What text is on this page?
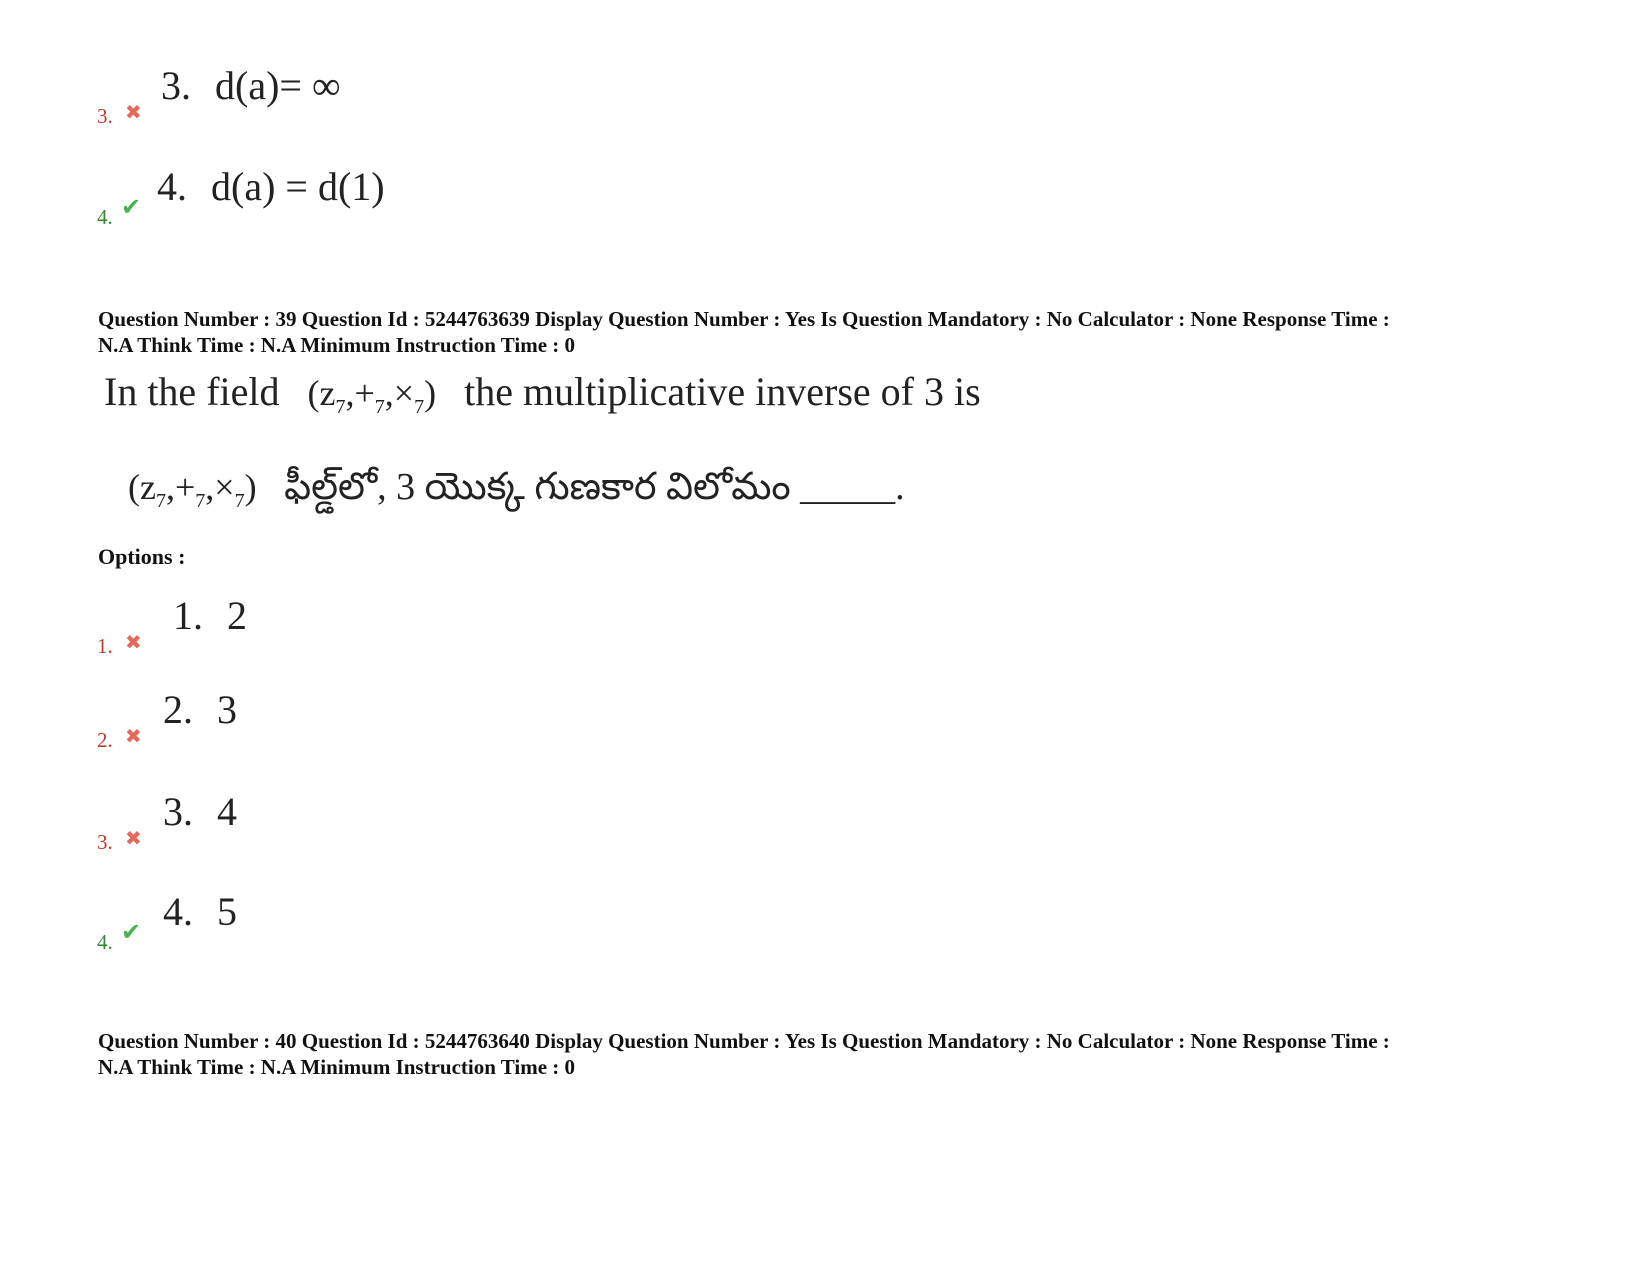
3. ✖
3. d(a)= ∞
4. ✔ 4. d(a) = d(1)
Question Number : 39 Question Id : 5244763639 Display Question Number : Yes Is Question Mandatory : No Calculator : None Response Time :
N.A Think Time : N.A Minimum Instruction Time : 0
In the field $(z_7,+_7,\times_7)$ the multiplicative inverse of 3 is
$(z_7,+_7,\times_7)$ ఫీల్డ్‌లో, 3 యొక్క గుణకార విలోమం _____.
Options :
1. ✖
1. 2
2. ✖
2. 3
3. ✖
3. 4
4. ✔ 4. 5
Question Number : 40 Question Id : 5244763640 Display Question Number : Yes Is Question Mandatory : No Calculator : None Response Time :
N.A Think Time : N.A Minimum Instruction Time : 0
